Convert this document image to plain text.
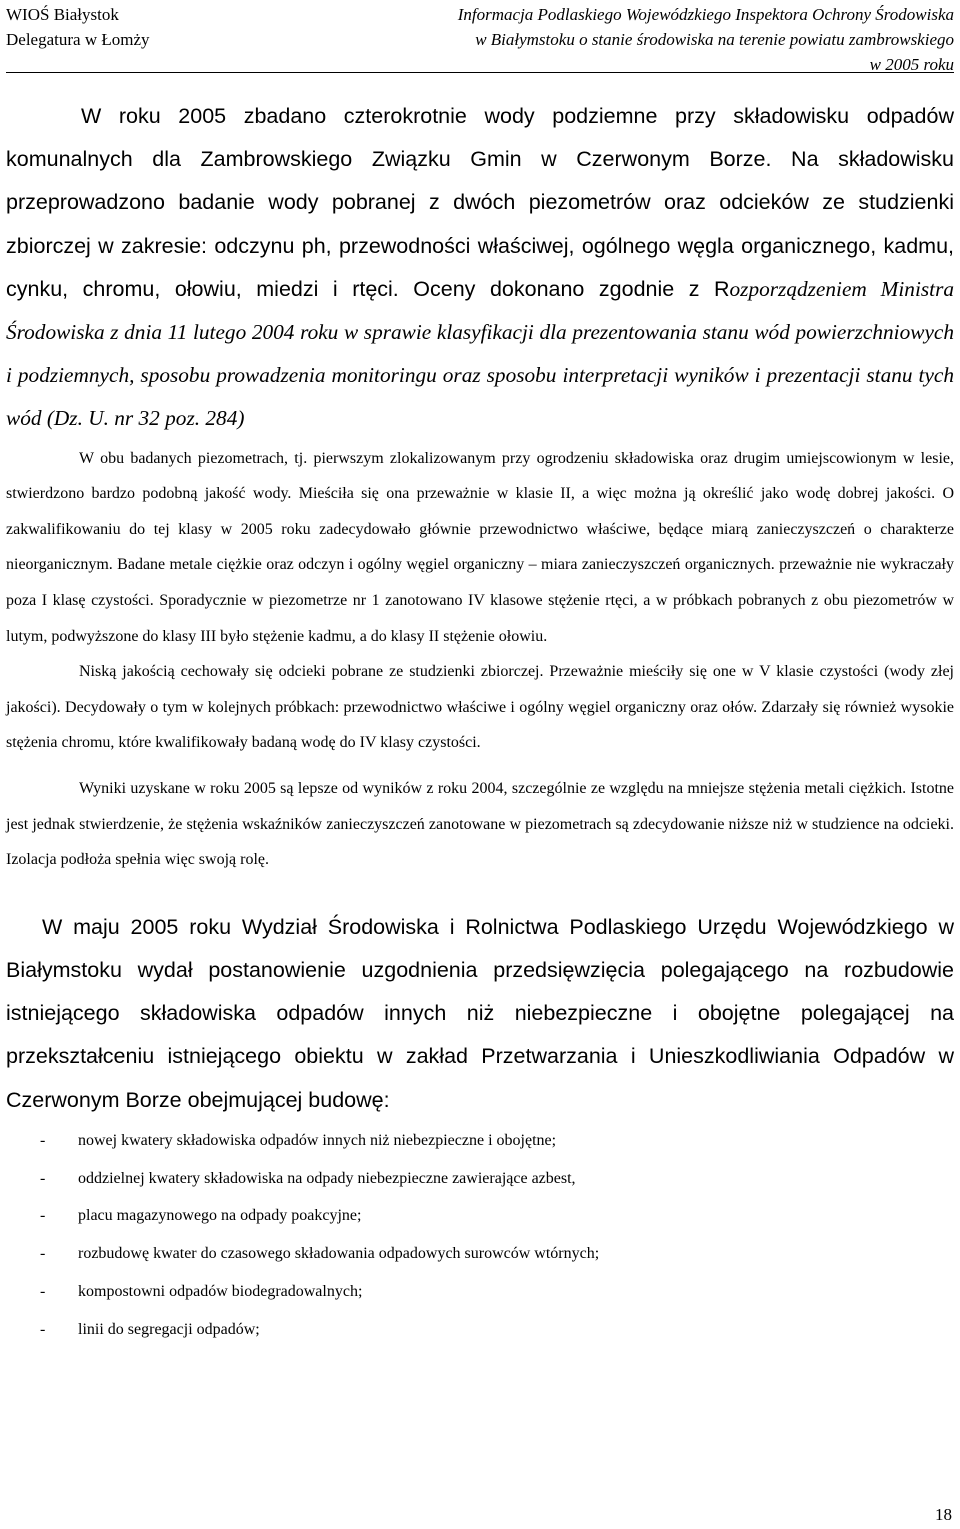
WIOŚ Białystok
Delegatura w Łomży
Informacja Podlaskiego Wojewódzkiego Inspektora Ochrony Środowiska
w Białymstoku o stanie środowiska na terenie powiatu zambrowskiego
w 2005 roku

W roku 2005 zbadano czterokrotnie wody podziemne przy składowisku odpadów komunalnych dla Zambrowskiego Związku Gmin w Czerwonym Borze. Na składowisku przeprowadzono badanie wody pobranej z dwóch piezometrów oraz odcieków ze studzienki zbiorczej w zakresie: odczynu ph, przewodności właściwej, ogólnego węgla organicznego, kadmu, cynku, chromu, ołowiu, miedzi i rtęci. Oceny dokonano zgodnie z Rozporządzeniem Ministra Środowiska z dnia 11 lutego 2004 roku w sprawie klasyfikacji dla prezentowania stanu wód powierzchniowych i podziemnych, sposobu prowadzenia monitoringu oraz sposobu interpretacji wyników i prezentacji stanu tych wód (Dz. U. nr 32 poz. 284)

W obu badanych piezometrach, tj. pierwszym zlokalizowanym przy ogrodzeniu składowiska oraz drugim umiejscowionym w lesie, stwierdzono bardzo podobną jakość wody. Mieściła się ona przeważnie w klasie II, a więc można ją określić jako wodę dobrej jakości. O zakwalifikowaniu do tej klasy w 2005 roku zadecydowało głównie przewodnictwo właściwe, będące miarą zanieczyszczeń o charakterze nieorganicznym. Badane metale ciężkie oraz odczyn i ogólny węgiel organiczny – miara zanieczyszczeń organicznych. przeważnie nie wykraczały poza I klasę czystości. Sporadycznie w piezometrze nr 1 zanotowano IV klasowe stężenie rtęci, a w próbkach pobranych z obu piezometrów w lutym, podwyższone do klasy III było stężenie kadmu, a do klasy II stężenie ołowiu.

Niską jakością cechowały się odcieki pobrane ze studzienki zbiorczej. Przeważnie mieściły się one w V klasie czystości (wody złej jakości). Decydowały o tym w kolejnych próbkach: przewodnictwo właściwe i ogólny węgiel organiczny oraz ołów. Zdarzały się również wysokie stężenia chromu, które kwalifikowały badaną wodę do IV klasy czystości.

Wyniki uzyskane w roku 2005 są lepsze od wyników z roku 2004, szczególnie ze względu na mniejsze stężenia metali ciężkich. Istotne jest jednak stwierdzenie, że stężenia wskaźników zanieczyszczeń zanotowane w piezometrach są zdecydowanie niższe niż w studzience na odcieki. Izolacja podłoża spełnia więc swoją rolę.

W maju 2005 roku Wydział Środowiska i Rolnictwa Podlaskiego Urzędu Wojewódzkiego w Białymstoku wydał postanowienie uzgodnienia przedsięwzięcia polegającego na rozbudowie istniejącego składowiska odpadów innych niż niebezpieczne i obojętne polegającej na przekształceniu istniejącego obiektu w zakład Przetwarzania i Unieszkodliwiania Odpadów w Czerwonym Borze obejmującej budowę:

- nowej kwatery składowiska odpadów innych niż niebezpieczne i obojętne;
- oddzielnej kwatery składowiska na odpady niebezpieczne zawierające azbest,
- placu magazynowego na odpady poakcyjne;
- rozbudowę kwater do czasowego składowania odpadowych surowców wtórnych;
- kompostowni odpadów biodegradowalnych;
- linii do segregacji odpadów;
18
